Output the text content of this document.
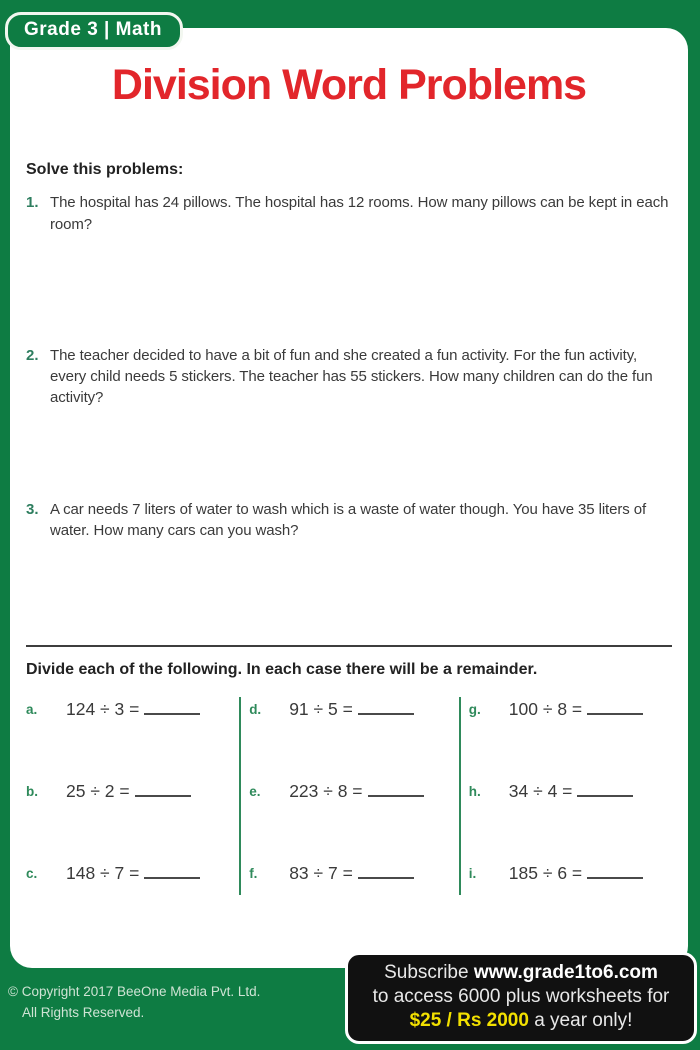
Grade 3 | Math
Division Word Problems
Solve this problems:
1. The hospital has 24 pillows. The hospital has 12 rooms. How many pillows can be kept in each room?
2. The teacher decided to have a bit of fun and she created a fun activity. For the fun activity, every child needs 5 stickers. The teacher has 55 stickers. How many children can do the fun activity?
3. A car needs 7 liters of water to wash which is a waste of water though. You have 35 liters of water. How many cars can you wash?
Divide each of the following. In each case there will be a remainder.
a.	124 ÷ 3 =	d.	91 ÷ 5 =	g.	100 ÷ 8 =
b.	25 ÷ 2 =	e.	223 ÷ 8 =	h.	34 ÷ 4 =
c.	148 ÷ 7 =	f.	83 ÷ 7 =	i.	185 ÷ 6 =
© Copyright 2017 BeeOne Media Pvt. Ltd.
All Rights Reserved.
Subscribe www.grade1to6.com
to access 6000 plus worksheets for
$25 / Rs 2000 a year only!
